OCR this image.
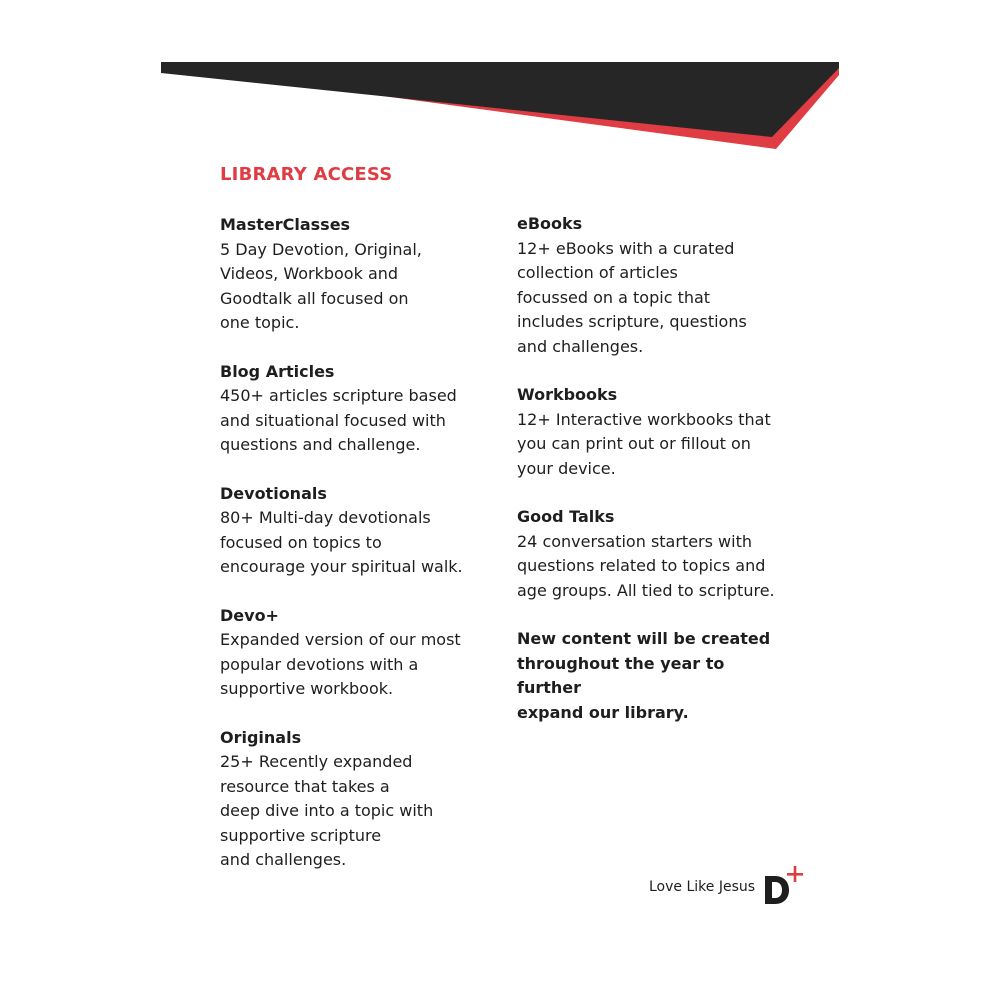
LIBRARY ACCESS

MasterClasses

5 Day Devotion, Original,
Videos, Workbook and
Goodtalk all focused on
one topic.

Blog Articles

450+ articles scripture based
and situational focused with
questions and challenge.

Devotionals

80+ Multi-day devotionals
focused on topics to
encourage your spiritual walk.

Devo+

Expanded version of our most
popular devotions with a
supportive workbook.

Originals

25+ Recently expanded
resource that takes a
deep dive into a topic with
supportive scripture
and challenges.

eBooks

12+ eBooks with a curated
collection of articles
focussed on a topic that
includes scripture, questions
and challenges.

Workbooks

12+ Interactive workbooks that
you can print out or fillout on
your device.

Good Talks

24 conversation starters with
questions related to topics and
age groups. All tied to scripture.

New content will be created
throughout the year to further
expand our library.

Love Like Jesus
